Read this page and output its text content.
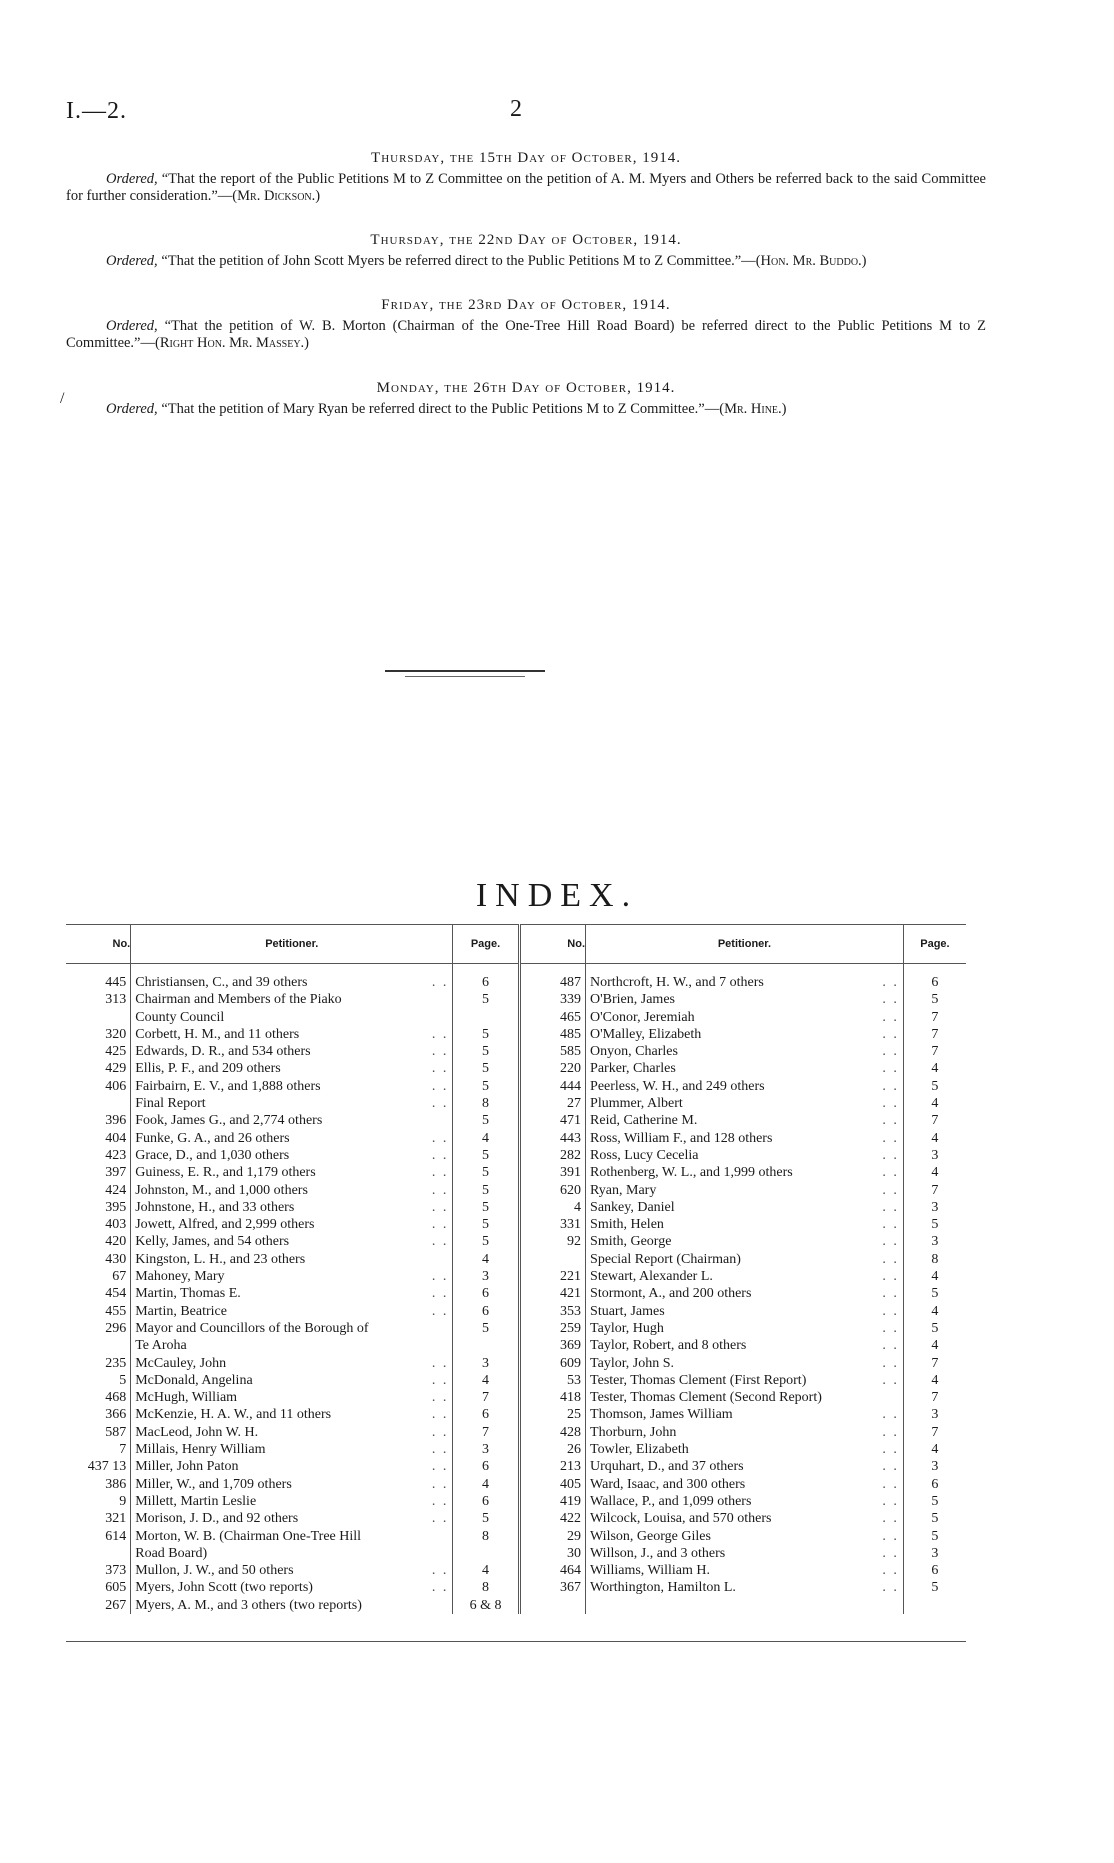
I.—2.	2
Thursday, the 15th Day of October, 1914.
Ordered, “That the report of the Public Petitions M to Z Committee on the petition of A. M. Myers and Others be referred back to the said Committee for further consideration.”—(Mr. Dickson.)
Thursday, the 22nd Day of October, 1914.
Ordered, “That the petition of John Scott Myers be referred direct to the Public Petitions M to Z Committee.”—(Hon. Mr. Buddo.)
Friday, the 23rd Day of October, 1914.
Ordered, “That the petition of W. B. Morton (Chairman of the One-Tree Hill Road Board) be referred direct to the Public Petitions M to Z Committee.”—(Right Hon. Mr. Massey.)
/
Monday, the 26th Day of October, 1914.
Ordered, “That the petition of Mary Ryan be referred direct to the Public Petitions M to Z Committee.”—(Mr. Hine.)
INDEX.
No.	Petitioner.	Page.	No.	Petitioner.	Page.
445	Christiansen, C., and 39 others . .	6	487	Northcroft, H. W., and 7 others . .	6
313	Chairman and Members of the Piako	5	339	O'Brien, James . .	5
	County Council		465	O'Conor, Jeremiah . .	7
320	Corbett, H. M., and 11 others . .	5	485	O'Malley, Elizabeth . .	7
425	Edwards, D. R., and 534 others . .	5	585	Onyon, Charles . .	7
429	Ellis, P. F., and 209 others . .	5	220	Parker, Charles . .	4
406	Fairbairn, E. V., and 1,888 others . .	5	444	Peerless, W. H., and 249 others . .	5
	Final Report . .	8	27	Plummer, Albert . .	4
396	Fook, James G., and 2,774 others	5	471	Reid, Catherine M. . .	7
404	Funke, G. A., and 26 others . .	4	443	Ross, William F., and 128 others . .	4
423	Grace, D., and 1,030 others . .	5	282	Ross, Lucy Cecelia . .	3
397	Guiness, E. R., and 1,179 others . .	5	391	Rothenberg, W. L., and 1,999 others . .	4
424	Johnston, M., and 1,000 others . .	5	620	Ryan, Mary . .	7
395	Johnstone, H., and 33 others . .	5	4	Sankey, Daniel . .	3
403	Jowett, Alfred, and 2,999 others . .	5	331	Smith, Helen . .	5
420	Kelly, James, and 54 others . .	5	92	Smith, George . .	3
430	Kingston, L. H., and 23 others	4		Special Report (Chairman) . .	8
67	Mahoney, Mary . .	3	221	Stewart, Alexander L. . .	4
454	Martin, Thomas E. . .	6	421	Stormont, A., and 200 others . .	5
455	Martin, Beatrice . .	6	353	Stuart, James . .	4
296	Mayor and Councillors of the Borough of	5	259	Taylor, Hugh . .	5
	Te Aroha		369	Taylor, Robert, and 8 others . .	4
235	McCauley, John . .	3	609	Taylor, John S. . .	7
5	McDonald, Angelina . .	4	53	Tester, Thomas Clement (First Report) . .	4
468	McHugh, William . .	7	418	Tester, Thomas Clement (Second Report)	7
366	McKenzie, H. A. W., and 11 others . .	6	25	Thomson, James William . .	3
587	MacLeod, John W. H. . .	7	428	Thorburn, John . .	7
7	Millais, Henry William . .	3	26	Towler, Elizabeth . .	4
437 13	Miller, John Paton . .	6	213	Urquhart, D., and 37 others . .	3
386	Miller, W., and 1,709 others . .	4	405	Ward, Isaac, and 300 others . .	6
9	Millett, Martin Leslie . .	6	419	Wallace, P., and 1,099 others . .	5
321	Morison, J. D., and 92 others . .	5	422	Wilcock, Louisa, and 570 others . .	5
614	Morton, W. B. (Chairman One-Tree Hill	8	29	Wilson, George Giles . .	5
	Road Board)		30	Willson, J., and 3 others . .	3
373	Mullon, J. W., and 50 others . .	4	464	Williams, William H. . .	6
605	Myers, John Scott (two reports) . .	8	367	Worthington, Hamilton L. . .	5
267	Myers, A. M., and 3 others (two reports)	6 & 8			
